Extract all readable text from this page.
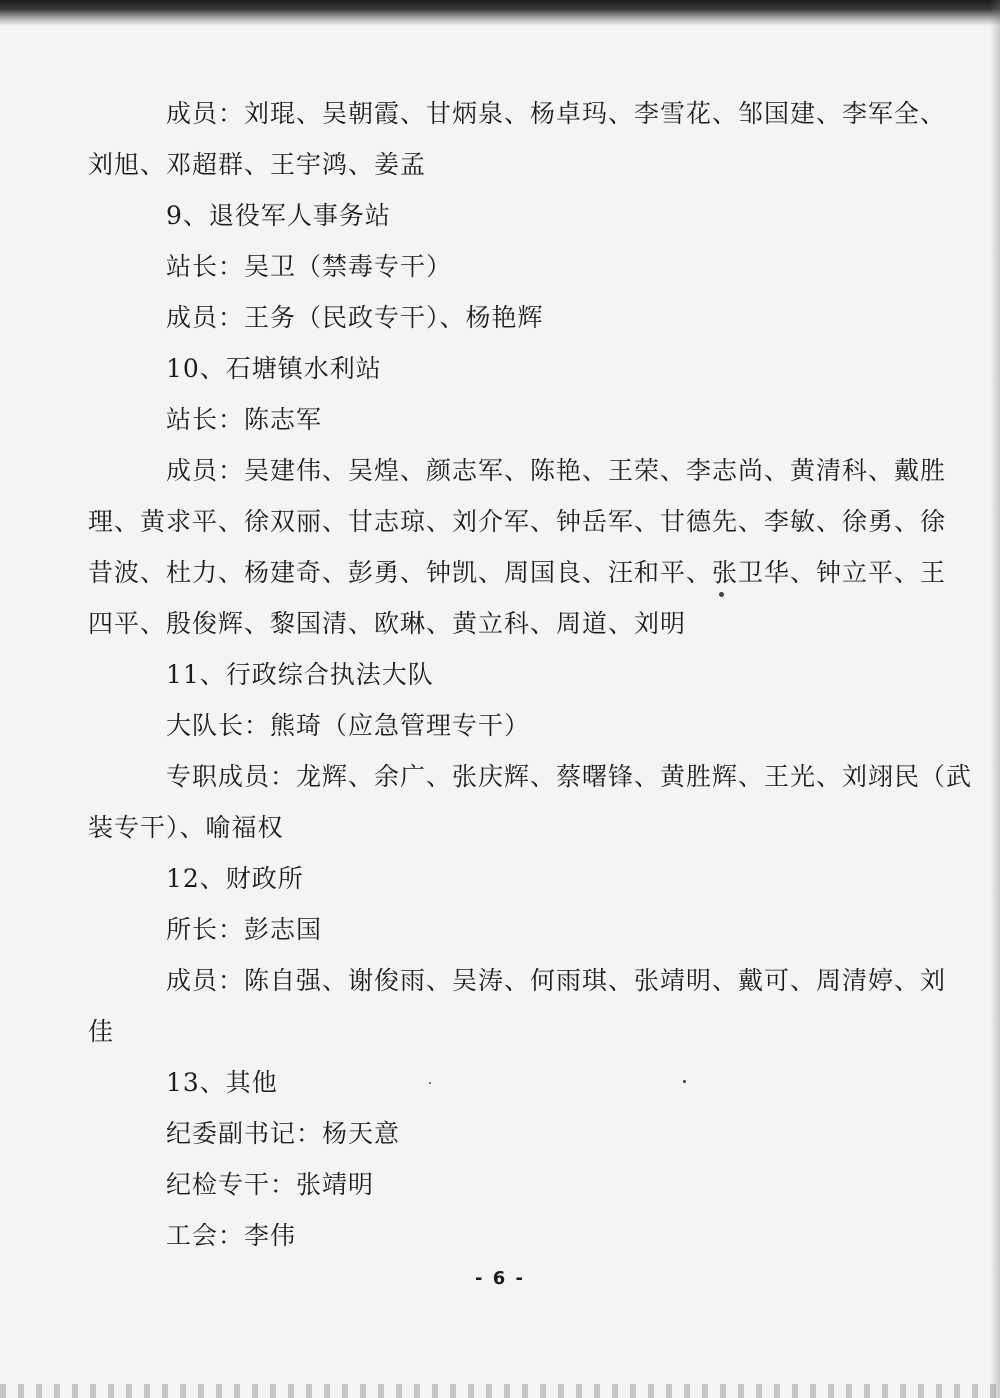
成员：刘琨、吴朝霞、甘炳泉、杨卓玛、李雪花、邹国建、李军全、
刘旭、邓超群、王宇鸿、姜孟
9、退役军人事务站
站长：吴卫（禁毒专干）
成员：王务（民政专干）、杨艳辉
10、石塘镇水利站
站长：陈志军
成员：吴建伟、吴煌、颜志军、陈艳、王荣、李志尚、黄清科、戴胜
理、黄求平、徐双丽、甘志琼、刘介军、钟岳军、甘德先、李敏、徐勇、徐
昔波、杜力、杨建奇、彭勇、钟凯、周国良、汪和平、张卫华、钟立平、王
四平、殷俊辉、黎国清、欧琳、黄立科、周道、刘明
11、行政综合执法大队
大队长：熊琦（应急管理专干）
专职成员：龙辉、余广、张庆辉、蔡曙锋、黄胜辉、王光、刘翊民（武
装专干）、喻福权
12、财政所
所长：彭志国
成员：陈自强、谢俊雨、吴涛、何雨琪、张靖明、戴可、周清婷、刘
佳
13、其他
纪委副书记：杨天意
纪检专干：张靖明
工会：李伟
- 6 -
